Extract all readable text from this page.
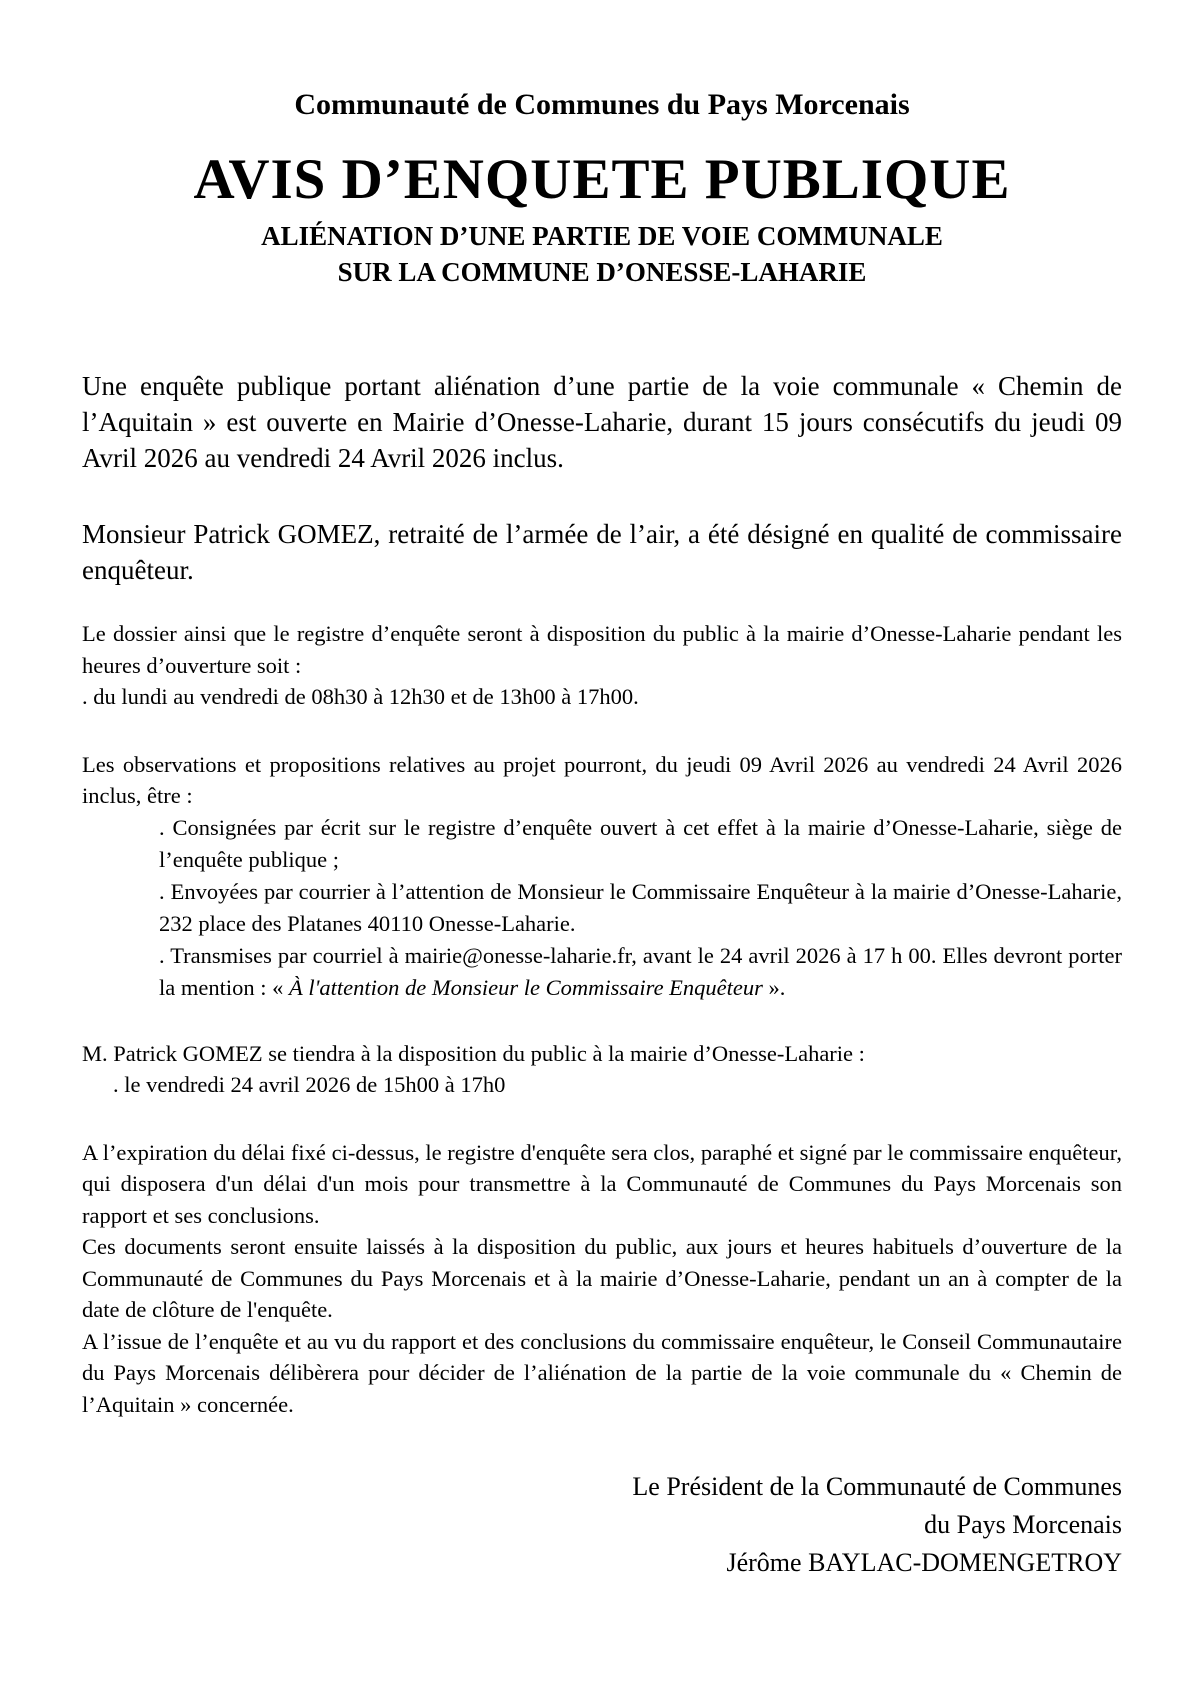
Communauté de Communes du Pays Morcenais

AVIS D’ENQUETE PUBLIQUE

ALIÉNATION D’UNE PARTIE DE VOIE COMMUNALE

SUR LA COMMUNE D’ONESSE-LAHARIE

Une enquête publique portant aliénation d’une partie de la voie communale « Chemin de l’Aquitain » est ouverte en Mairie d’Onesse-Laharie, durant 15 jours consécutifs du jeudi 09 Avril 2026 au vendredi 24 Avril 2026 inclus.

Monsieur Patrick GOMEZ, retraité de l’armée de l’air, a été désigné en qualité de commissaire enquêteur.

Le dossier ainsi que le registre d’enquête seront à disposition du public à la mairie d’Onesse-Laharie pendant les heures d’ouverture soit :

. du lundi au vendredi de 08h30 à 12h30 et de 13h00 à 17h00.

Les observations et propositions relatives au projet pourront, du jeudi 09 Avril 2026 au vendredi 24 Avril 2026 inclus, être :

. Consignées par écrit sur le registre d’enquête ouvert à cet effet à la mairie d’Onesse-Laharie, siège de l’enquête publique ;

. Envoyées par courrier à l’attention de Monsieur le Commissaire Enquêteur à la mairie d’Onesse-Laharie, 232 place des Platanes 40110 Onesse-Laharie.

. Transmises par courriel à mairie@onesse-laharie.fr, avant le 24 avril 2026 à 17 h 00. Elles devront porter la mention : « À l'attention de Monsieur le Commissaire Enquêteur ».

M. Patrick GOMEZ se tiendra à la disposition du public à la mairie d’Onesse-Laharie :

. le vendredi 24 avril 2026 de 15h00 à 17h0

A l’expiration du délai fixé ci-dessus, le registre d'enquête sera clos, paraphé et signé par le commissaire enquêteur, qui disposera d'un délai d'un mois pour transmettre à la Communauté de Communes du Pays Morcenais son rapport et ses conclusions.

Ces documents seront ensuite laissés à la disposition du public, aux jours et heures habituels d’ouverture de la Communauté de Communes du Pays Morcenais et à la mairie d’Onesse-Laharie, pendant un an à compter de la date de clôture de l'enquête.

A l’issue de l’enquête et au vu du rapport et des conclusions du commissaire enquêteur, le Conseil Communautaire du Pays Morcenais délibèrera pour décider de l’aliénation de la partie de la voie communale du « Chemin de l’Aquitain » concernée.

Le Président de la Communauté de Communes

du Pays Morcenais

Jérôme BAYLAC-DOMENGETROY
